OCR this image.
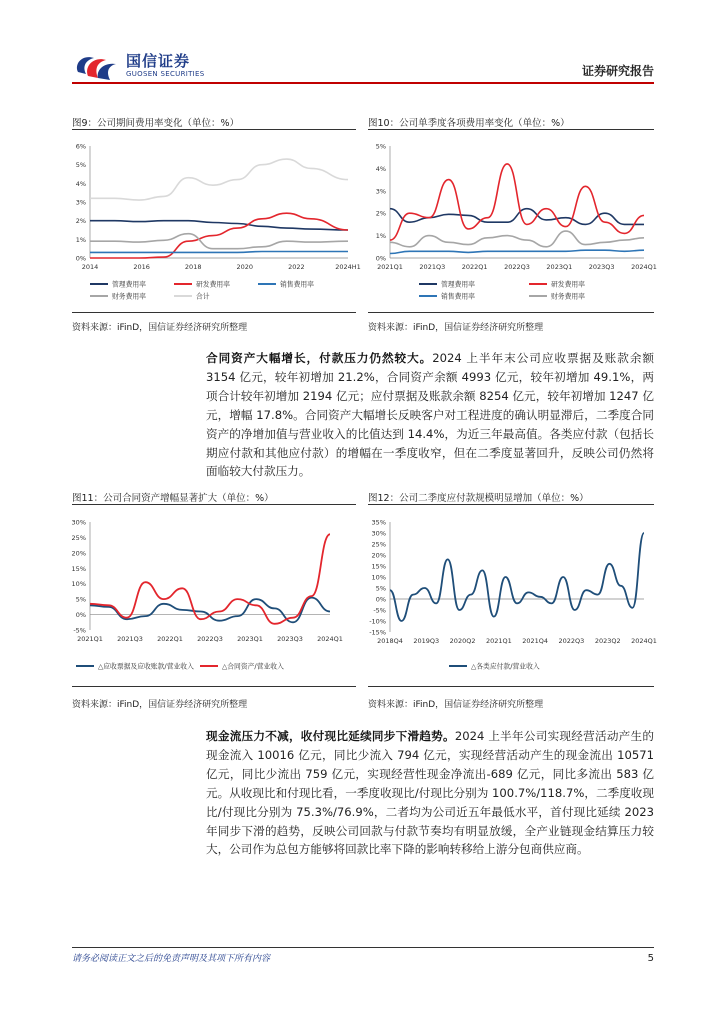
国信证券
GUOSEN SECURITIES	证券研究报告
图9：公司期间费用率变化（单位：%）
0%
1%
2%
3%
4%
5%
6%
2014	2016	2018	2020	2022	2024H1
管理费用率	研发费用率	销售费用率
财务费用率	合计
资料来源：iFinD，国信证券经济研究所整理
图10：公司单季度各项费用率变化（单位：%）
0%
1%
2%
3%
4%
5%
2021Q1	2021Q3	2022Q1	2022Q3	2023Q1	2023Q3	2024Q1
管理费用率	研发费用率
销售费用率	财务费用率
资料来源：iFinD，国信证券经济研究所整理
合同资产大幅增长，付款压力仍然较大。2024 上半年末公司应收票据及账款余额 3154 亿元，较年初增加 21.2%，合同资产余额 4993 亿元，较年初增加 49.1%，两项合计较年初增加 2194 亿元；应付票据及账款余额 8254 亿元，较年初增加 1247 亿元，增幅 17.8%。合同资产大幅增长反映客户对工程进度的确认明显滞后，二季度合同资产的净增加值与营业收入的比值达到 14.4%，为近三年最高值。各类应付款（包括长期应付款和其他应付款）的增幅在一季度收窄，但在二季度显著回升，反映公司仍然将面临较大付款压力。
图11：公司合同资产增幅显著扩大（单位：%）
-5%
0%
5%
10%
15%
20%
25%
30%
2021Q1 2021Q3 2022Q1 2022Q3 2023Q1 2023Q3 2024Q1
△应收票据及应收账款/营业收入	△合同资产/营业收入
资料来源：iFinD，国信证券经济研究所整理
图12：公司二季度应付款规模明显增加（单位：%）
-15%
-10%
-5%
0%
5%
10%
15%
20%
25%
30%
35%
2018Q4 2019Q3 2020Q2 2021Q1 2021Q4 2022Q3 2023Q2 2024Q1
△各类应付款/营业收入
资料来源：iFinD，国信证券经济研究所整理
现金流压力不减，收付现比延续同步下滑趋势。2024 上半年公司实现经营活动产生的现金流入 10016 亿元，同比少流入 794 亿元，实现经营活动产生的现金流出 10571 亿元，同比少流出 759 亿元，实现经营性现金净流出-689 亿元，同比多流出 583 亿元。从收现比和付现比看，一季度收现比/付现比分别为 100.7%/118.7%，二季度收现比/付现比分别为 75.3%/76.9%，二者均为公司近五年最低水平，首付现比延续 2023 年同步下滑的趋势，反映公司回款与付款节奏均有明显放缓，全产业链现金结算压力较大，公司作为总包方能够将回款比率下降的影响转移给上游分包商供应商。
请务必阅读正文之后的免责声明及其项下所有内容	5
